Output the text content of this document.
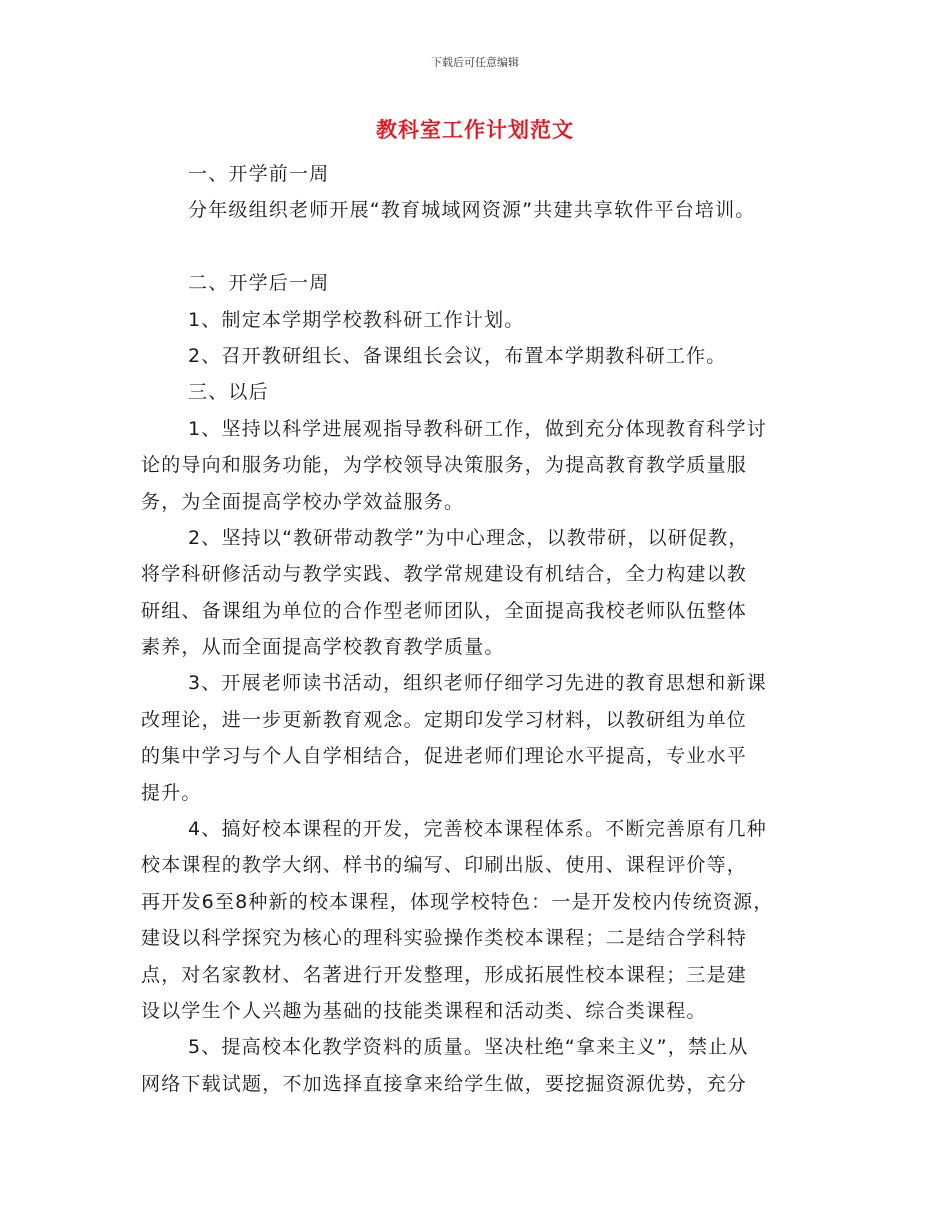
下载后可任意编辑
教科室工作计划范文
一、开学前一周
分年级组织老师开展“教育城域网资源”共建共享软件平台培训。
二、开学后一周
1、制定本学期学校教科研工作计划。
2、召开教研组长、备课组长会议，布置本学期教科研工作。
三、以后
1、坚持以科学进展观指导教科研工作，做到充分体现教育科学讨
论的导向和服务功能，为学校领导决策服务，为提高教育教学质量服
务，为全面提高学校办学效益服务。
2、坚持以“教研带动教学”为中心理念，以教带研，以研促教，
将学科研修活动与教学实践、教学常规建设有机结合，全力构建以教
研组、备课组为单位的合作型老师团队，全面提高我校老师队伍整体
素养，从而全面提高学校教育教学质量。
3、开展老师读书活动，组织老师仔细学习先进的教育思想和新课
改理论，进一步更新教育观念。定期印发学习材料，以教研组为单位
的集中学习与个人自学相结合，促进老师们理论水平提高，专业水平
提升。
4、搞好校本课程的开发，完善校本课程体系。不断完善原有几种
校本课程的教学大纲、样书的编写、印刷出版、使用、课程评价等，
再开发6至8种新的校本课程，体现学校特色：一是开发校内传统资源，
建设以科学探究为核心的理科实验操作类校本课程；二是结合学科特
点，对名家教材、名著进行开发整理，形成拓展性校本课程；三是建
设以学生个人兴趣为基础的技能类课程和活动类、综合类课程。
5、提高校本化教学资料的质量。坚决杜绝“拿来主义”，禁止从
网络下载试题，不加选择直接拿来给学生做，要挖掘资源优势，充分
